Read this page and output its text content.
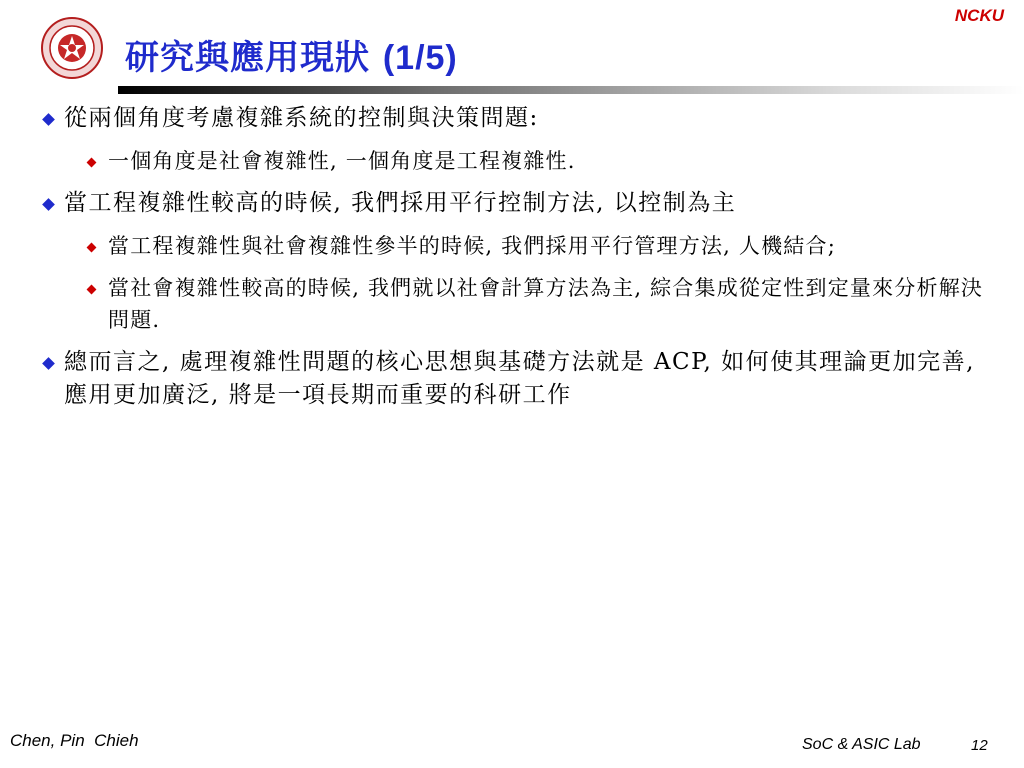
NCKU
研究與應用現狀 (1/5)
從兩個角度考慮複雜系統的控制與決策問題:
一個角度是社會複雜性, 一個角度是工程複雜性.
當工程複雜性較高的時候, 我們採用平行控制方法, 以控制為主
當工程複雜性與社會複雜性參半的時候, 我們採用平行管理方法, 人機結合;
當社會複雜性較高的時候, 我們就以社會計算方法為主, 綜合集成從定性到定量來分析解決問題.
總而言之, 處理複雜性問題的核心思想與基礎方法就是 ACP, 如何使其理論更加完善, 應用更加廣泛, 將是一項長期而重要的科研工作
Chen, Pin  Chieh	SoC & ASIC Lab	12
